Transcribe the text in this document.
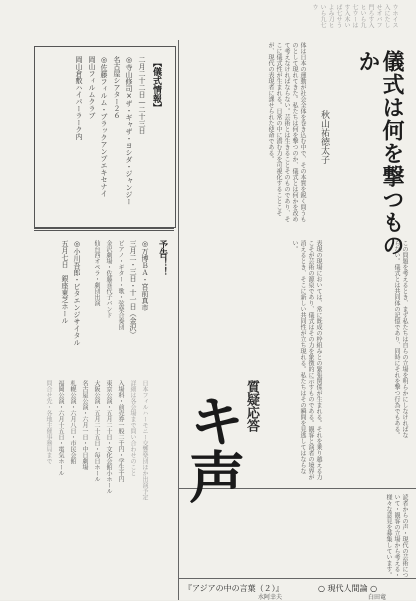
ウホイス入にたしせオバフ門ろす入ヒいら九七ウーはす入木いぱ七サうよみ刀ヒいら九七ウ
【儀式情報】
二月二十二日—二十三日
◎寺山修司×ザ・ギャザ・ヨシダ・ジャンジー
名古屋シアター２６
◎佐藤フィルム・ブラックアンプエキセナイ
岡山フィルムクラブ
岡山倉敷ハイパーラーク内
予告！！
◎万博ＢＡ・宮前真市
三月二・三日・十一日（金沢）
ピアノ・ギター・歌・弦楽合奏団
金沢劇場・佐藤喜代子バンド
仙台西オペラ・劇団出演
◎小川吾郎・ビタエンジサイタル
五月七日　銀座東芝ホール
日本フィルハーモニー交響楽団ほか出演予定
詳細は各会場まで問い合わせのこと
入場料・前売券一般二千円・学生千円
東京公演・五月二十日・文化会館小ホール
大阪公演・五月二十五日・毎日ホール
名古屋公演・六月一日・中日劇場
札幌公演・六月八日・市民会館
福岡公演・六月十五日・電気ホール
問合せ先・各地主催事務局まで
儀式は何を撃つものか
秋山祐徳太子
体は日本の運動が社会全体を巻き込む中で、その本質を鋭く問うものとして現れてきた。私たちは何を撃つのか、儀式とは何かを改めて考えなければならない。芸術とは生きることそのものであり、そこに儀式性が生まれる。日常の中に潜む力を可視化することこそが、現代の表現者に課せられた使命である。
この問題を考えるとき、まず私たちは自らの立場を明らかにしなければならない。儀式とは共同体の記憶であり、同時にそれを撃つ行為でもある。
表現の現場においては、常に既成の枠組みとの緊張関係が生まれる。それを乗り越える力こそが芸術の源泉であり、儀式はその力を象徴的に示すものである。観客と演者の境界が消えるとき、そこに新しい共同性が立ち現れる。私たちはその瞬間を見逃してはならない。
キ声
質疑応答
読者からの声・現代の芸術について・観客の立場から考える・様々な意見を募集しています。
『アジアの中の言葉（２）』
水阿幸夫
○ 現代人間論 ○
白田竜
